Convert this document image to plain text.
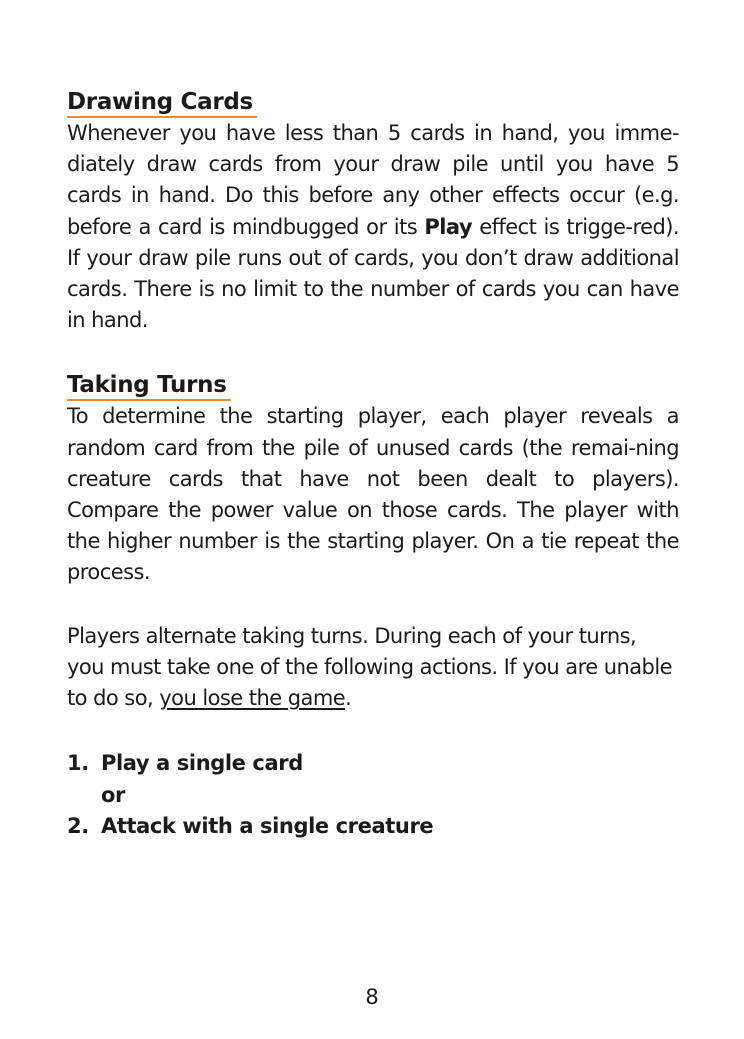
Drawing Cards

Whenever you have less than 5 cards in hand, you imme-diately draw cards from your draw pile until you have 5 cards in hand. Do this before any other effects occur (e.g. before a card is mindbugged or its Play effect is trigge-red). If your draw pile runs out of cards, you don’t draw additional cards. There is no limit to the number of cards you can have in hand.

Taking Turns

To determine the starting player, each player reveals a random card from the pile of unused cards (the remai-ning creature cards that have not been dealt to players). Compare the power value on those cards. The player with the higher number is the starting player. On a tie repeat the process.

Players alternate taking turns. During each of your turns, you must take one of the following actions. If you are unable to do so, you lose the game.

1. Play a single card
or
2. Attack with a single creature
8
